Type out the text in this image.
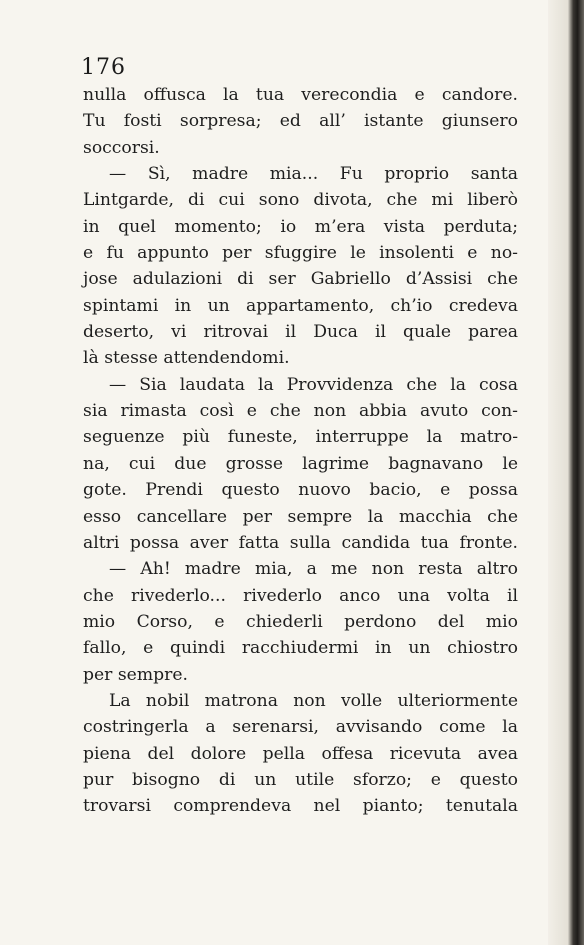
176

nulla offusca la tua verecondia e candore.
Tu fosti sorpresa; ed all’ istante giunsero
soccorsi.
— Sì, madre mia... Fu proprio santa
Lintgarde, di cui sono divota, che mi liberò
in quel momento; io m’era vista perduta;
e fu appunto per sfuggire le insolenti e no-
jose adulazioni di ser Gabriello d’Assisi che
spintami in un appartamento, ch’io credeva
deserto, vi ritrovai il Duca il quale parea
là stesse attendendomi.
— Sia laudata la Provvidenza che la cosa
sia rimasta così e che non abbia avuto con-
seguenze più funeste, interruppe la matro-
na, cui due grosse lagrime bagnavano le
gote. Prendi questo nuovo bacio, e possa
esso cancellare per sempre la macchia che
altri possa aver fatta sulla candida tua fronte.
— Ah! madre mia, a me non resta altro
che rivederlo... rivederlo anco una volta il
mio Corso, e chiederli perdono del mio
fallo, e quindi racchiudermi in un chiostro
per sempre.
La nobil matrona non volle ulteriormente
costringerla a serenarsi, avvisando come la
piena del dolore pella offesa ricevuta avea
pur bisogno di un utile sforzo; e questo
trovarsi comprendeva nel pianto; tenutala
